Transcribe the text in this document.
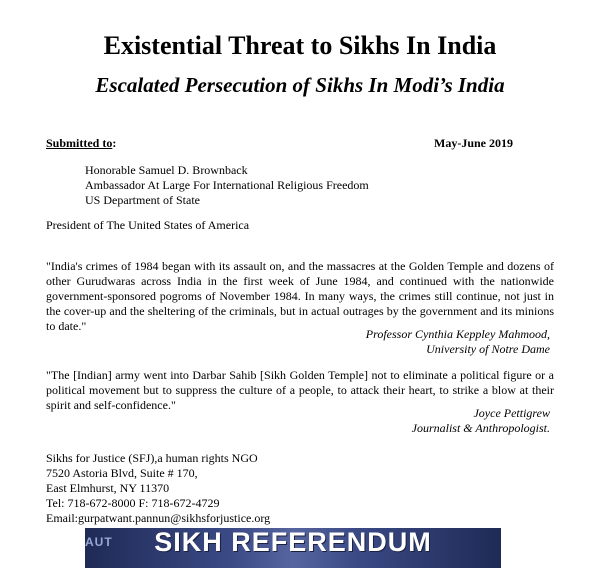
Existential Threat to Sikhs In India
Escalated Persecution of Sikhs In Modi’s India
Submitted to:	May-June 2019
Honorable Samuel D. Brownback
Ambassador At Large For International Religious Freedom
US Department of State
President of The United States of America
"India's crimes of 1984 began with its assault on, and the massacres at the Golden Temple and dozens of other Gurudwaras across India in the first week of June 1984, and continued with the nationwide government-sponsored pogroms of November 1984. In many ways, the crimes still continue, not just in the cover-up and the sheltering of the criminals, but in actual outrages by the government and its minions to date."
Professor Cynthia Keppley Mahmood,
University of Notre Dame
"The [Indian] army went into Darbar Sahib [Sikh Golden Temple] not to eliminate a political figure or a political movement but to suppress the culture of a people, to attack their heart, to strike a blow at their spirit and self-confidence."
Joyce Pettigrew
Journalist & Anthropologist.
Sikhs for Justice (SFJ),a human rights NGO
7520 Astoria Blvd, Suite # 170,
East Elmhurst, NY 11370
Tel: 718-672-8000 F: 718-672-4729
Email:gurpatwant.pannun@sikhsforjustice.org
AUT	SIKH REFERENDUM
